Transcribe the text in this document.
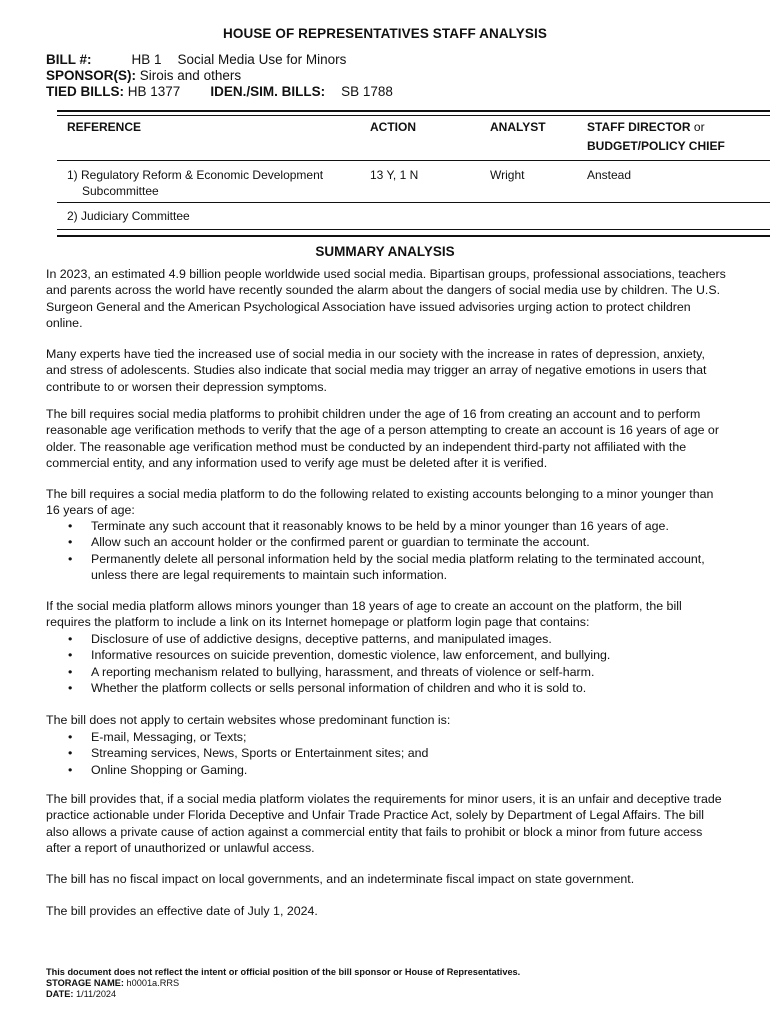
HOUSE OF REPRESENTATIVES STAFF ANALYSIS
BILL #:	HB 1 Social Media Use for Minors
SPONSOR(S): Sirois and others
TIED BILLS: HB 1377 IDEN./SIM. BILLS: SB 1788
REFERENCE	ACTION	ANALYST	STAFF DIRECTOR or
BUDGET/POLICY CHIEF
1) Regulatory Reform & Economic Development
Subcommittee
13 Y, 1 N	Wright	Anstead
2) Judiciary Committee
SUMMARY ANALYSIS

In 2023, an estimated 4.9 billion people worldwide used social media. Bipartisan groups, professional associations, teachers and parents across the world have recently sounded the alarm about the dangers of social media use by children. The U.S. Surgeon General and the American Psychological Association have issued advisories urging action to protect children online.

Many experts have tied the increased use of social media in our society with the increase in rates of depression, anxiety, and stress of adolescents. Studies also indicate that social media may trigger an array of negative emotions in users that contribute to or worsen their depression symptoms.

The bill requires social media platforms to prohibit children under the age of 16 from creating an account and to perform reasonable age verification methods to verify that the age of a person attempting to create an account is 16 years of age or older. The reasonable age verification method must be conducted by an independent third-party not affiliated with the commercial entity, and any information used to verify age must be deleted after it is verified.

The bill requires a social media platform to do the following related to existing accounts belonging to a minor younger than 16 years of age:

• Terminate any such account that it reasonably knows to be held by a minor younger than 16 years of age.
• Allow such an account holder or the confirmed parent or guardian to terminate the account.
• Permanently delete all personal information held by the social media platform relating to the terminated account, unless there are legal requirements to maintain such information.

If the social media platform allows minors younger than 18 years of age to create an account on the platform, the bill requires the platform to include a link on its Internet homepage or platform login page that contains:

• Disclosure of use of addictive designs, deceptive patterns, and manipulated images.
• Informative resources on suicide prevention, domestic violence, law enforcement, and bullying.
• A reporting mechanism related to bullying, harassment, and threats of violence or self-harm.
• Whether the platform collects or sells personal information of children and who it is sold to.

The bill does not apply to certain websites whose predominant function is:

• E-mail, Messaging, or Texts;
• Streaming services, News, Sports or Entertainment sites; and
• Online Shopping or Gaming.

The bill provides that, if a social media platform violates the requirements for minor users, it is an unfair and deceptive trade practice actionable under Florida Deceptive and Unfair Trade Practice Act, solely by Department of Legal Affairs. The bill also allows a private cause of action against a commercial entity that fails to prohibit or block a minor from future access after a report of unauthorized or unlawful access.

The bill has no fiscal impact on local governments, and an indeterminate fiscal impact on state government.

The bill provides an effective date of July 1, 2024.

This document does not reflect the intent or official position of the bill sponsor or House of Representatives.
STORAGE NAME: h0001a.RRS
DATE: 1/11/2024
